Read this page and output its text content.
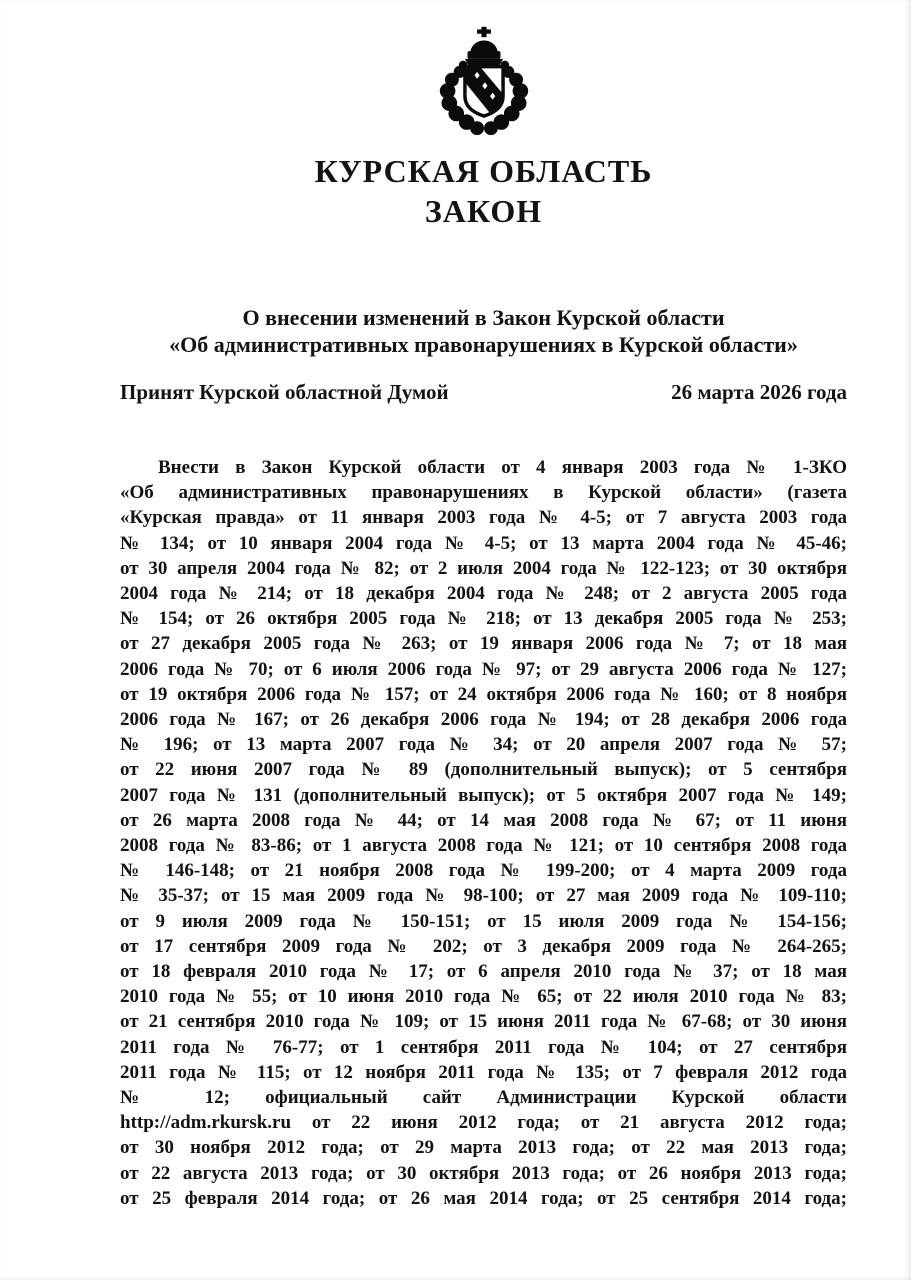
КУРСКАЯ ОБЛАСТЬ
ЗАКОН
О внесении изменений в Закон Курской области
«Об административных правонарушениях в Курской области»
Принят Курской областной Думой	26 марта 2026 года
Внести в Закон Курской области от 4 января 2003 года № 1-ЗКО
«Об административных правонарушениях в Курской области» (газета
«Курская правда» от 11 января 2003 года № 4-5; от 7 августа 2003 года
№ 134; от 10 января 2004 года № 4-5; от 13 марта 2004 года № 45-46;
от 30 апреля 2004 года № 82; от 2 июля 2004 года № 122-123; от 30 октября
2004 года № 214; от 18 декабря 2004 года № 248; от 2 августа 2005 года
№ 154; от 26 октября 2005 года № 218; от 13 декабря 2005 года № 253;
от 27 декабря 2005 года № 263; от 19 января 2006 года № 7; от 18 мая
2006 года № 70; от 6 июля 2006 года № 97; от 29 августа 2006 года № 127;
от 19 октября 2006 года № 157; от 24 октября 2006 года № 160; от 8 ноября
2006 года № 167; от 26 декабря 2006 года № 194; от 28 декабря 2006 года
№ 196; от 13 марта 2007 года № 34; от 20 апреля 2007 года № 57;
от 22 июня 2007 года № 89 (дополнительный выпуск); от 5 сентября
2007 года № 131 (дополнительный выпуск); от 5 октября 2007 года № 149;
от 26 марта 2008 года № 44; от 14 мая 2008 года № 67; от 11 июня
2008 года № 83-86; от 1 августа 2008 года № 121; от 10 сентября 2008 года
№ 146-148; от 21 ноября 2008 года № 199-200; от 4 марта 2009 года
№ 35-37; от 15 мая 2009 года № 98-100; от 27 мая 2009 года № 109-110;
от 9 июля 2009 года № 150-151; от 15 июля 2009 года № 154-156;
от 17 сентября 2009 года № 202; от 3 декабря 2009 года № 264-265;
от 18 февраля 2010 года № 17; от 6 апреля 2010 года № 37; от 18 мая
2010 года № 55; от 10 июня 2010 года № 65; от 22 июля 2010 года № 83;
от 21 сентября 2010 года № 109; от 15 июня 2011 года № 67-68; от 30 июня
2011 года № 76-77; от 1 сентября 2011 года № 104; от 27 сентября
2011 года № 115; от 12 ноября 2011 года № 135; от 7 февраля 2012 года
№ 12; официальный сайт Администрации Курской области
http://adm.rkursk.ru от 22 июня 2012 года; от 21 августа 2012 года;
от 30 ноября 2012 года; от 29 марта 2013 года; от 22 мая 2013 года;
от 22 августа 2013 года; от 30 октября 2013 года; от 26 ноября 2013 года;
от 25 февраля 2014 года; от 26 мая 2014 года; от 25 сентября 2014 года;
